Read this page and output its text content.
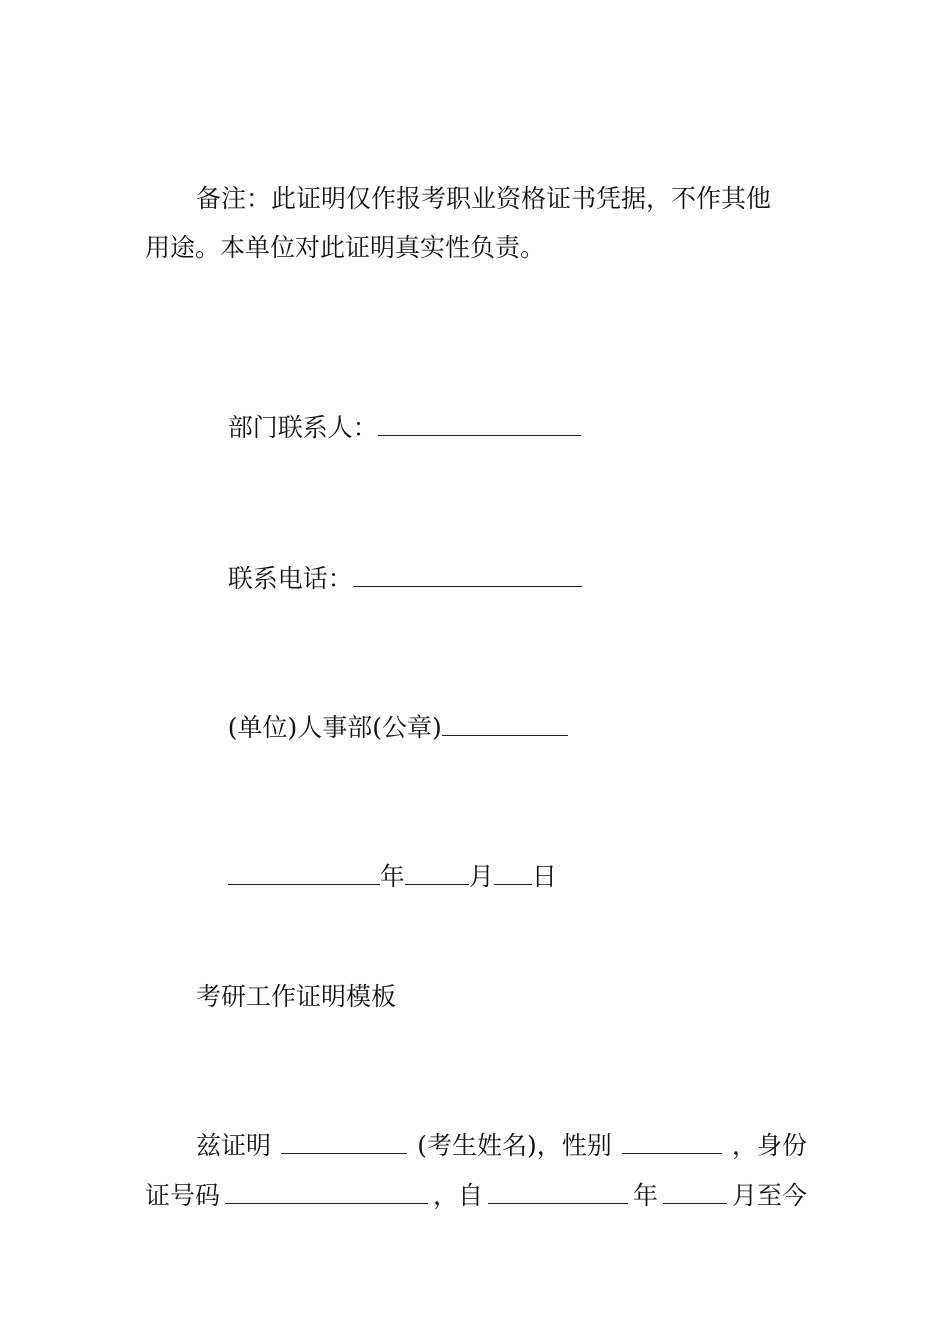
备注：此证明仅作报考职业资格证书凭据，不作其他
用途。本单位对此证明真实性负责。

部门联系人：

联系电话：

(单位)人事部(公章)

年	月 日

考研工作证明模板
兹证明	(考生姓名)，性别	，身份
证号码	，自	年	月至今
